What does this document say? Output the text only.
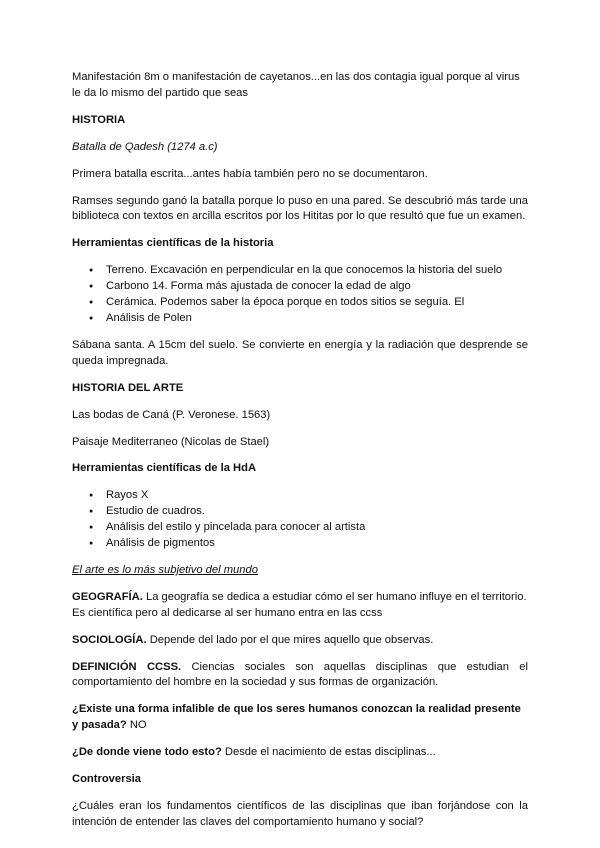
Manifestación 8m o manifestación de cayetanos...en las dos contagia igual porque al virus le da lo mismo del partido que seas

HISTORIA

Batalla de Qadesh (1274 a.c)

Primera batalla escrita...antes había también pero no se documentaron.

Ramses segundo ganó la batalla porque lo puso en una pared. Se descubrió más tarde una biblioteca con textos en arcilla escritos por los Hititas por lo que resultó que fue un examen.

Herramientas científicas de la historia

● Terreno. Excavación en perpendicular en la que conocemos la historia del suelo
● Carbono 14. Forma más ajustada de conocer la edad de algo
● Cerámica. Podemos saber la época porque en todos sitios se seguía. El
● Análisis de Polen

Sábana santa. A 15cm del suelo. Se convierte en energía y la radiación que desprende se queda impregnada.

HISTORIA DEL ARTE

Las bodas de Caná (P. Veronese. 1563)

Paisaje Mediterraneo (Nicolas de Stael)

Herramientas científicas de la HdA

● Rayos X
● Estudio de cuadros.
● Análisis del estilo y pincelada para conocer al artista
● Análisis de pigmentos

El arte es lo más subjetivo del mundo

GEOGRAFÍA. La geografía se dedica a estudiar cómo el ser humano influye en el territorio. Es científica pero al dedicarse al ser humano entra en las ccss

SOCIOLOGÍA. Depende del lado por el que mires aquello que observas.

DEFINICIÓN CCSS. Ciencias sociales son aquellas disciplinas que estudian el comportamiento del hombre en la sociedad y sus formas de organización.

¿Existe una forma infalible de que los seres humanos conozcan la realidad presente y pasada? NO

¿De donde viene todo esto? Desde el nacimiento de estas disciplinas...

Controversia

¿Cuáles eran los fundamentos científicos de las disciplinas que iban forjándose con la intención de entender las claves del comportamiento humano y social?
